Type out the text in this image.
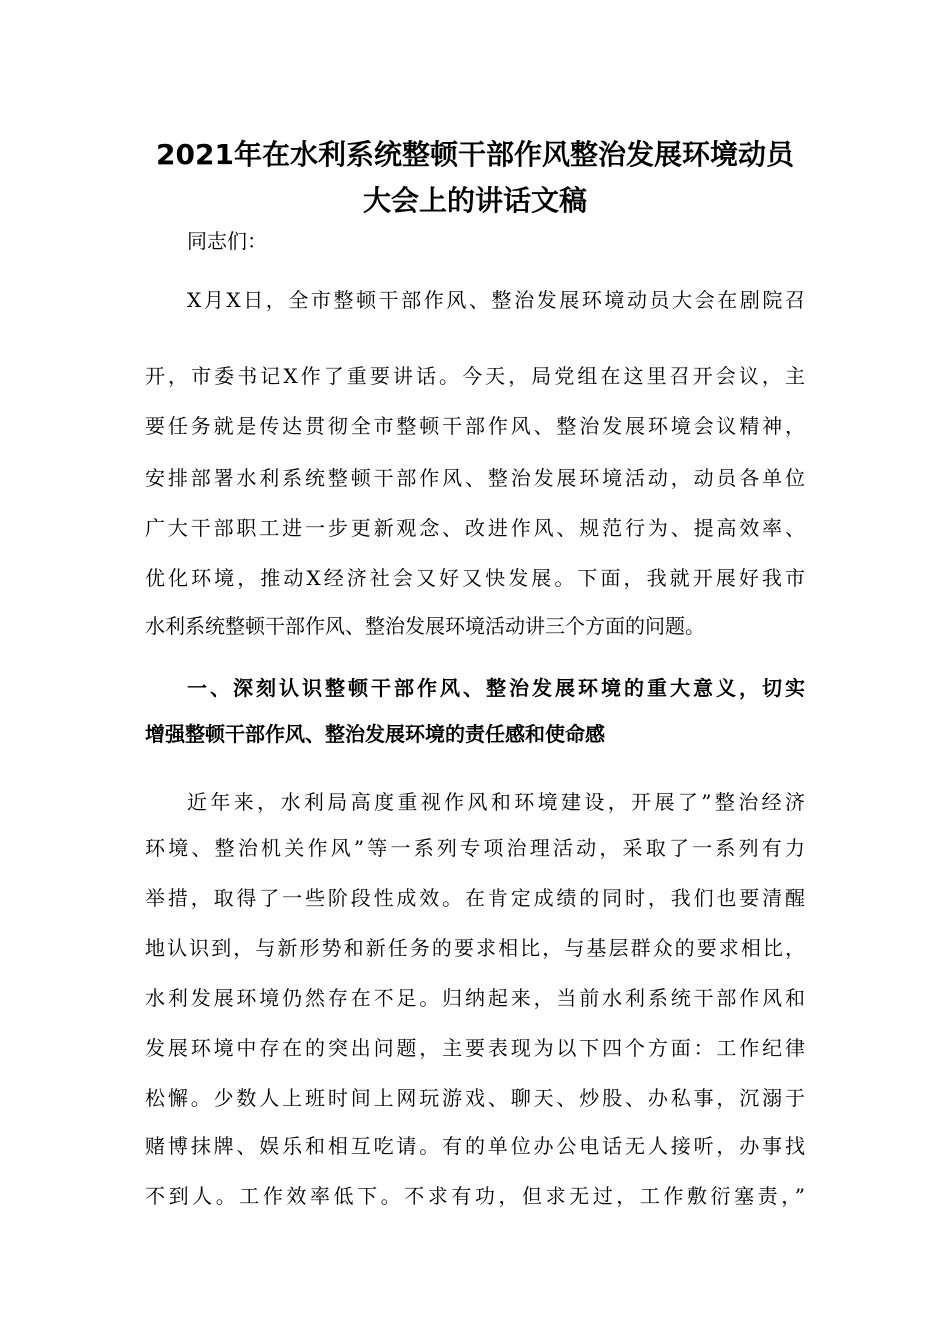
2021年在水利系统整顿干部作风整治发展环境动员
大会上的讲话文稿
同志们：
X月X日，全市整顿干部作风、整治发展环境动员大会在剧院召
开，市委书记X作了重要讲话。今天，局党组在这里召开会议，主
要任务就是传达贯彻全市整顿干部作风、整治发展环境会议精神，
安排部署水利系统整顿干部作风、整治发展环境活动，动员各单位
广大干部职工进一步更新观念、改进作风、规范行为、提高效率、
优化环境，推动X经济社会又好又快发展。下面，我就开展好我市
水利系统整顿干部作风、整治发展环境活动讲三个方面的问题。
一、深刻认识整顿干部作风、整治发展环境的重大意义，切实
增强整顿干部作风、整治发展环境的责任感和使命感
近年来，水利局高度重视作风和环境建设，开展了”整治经济
环境、整治机关作风”等一系列专项治理活动，采取了一系列有力
举措，取得了一些阶段性成效。在肯定成绩的同时，我们也要清醒
地认识到，与新形势和新任务的要求相比，与基层群众的要求相比，
水利发展环境仍然存在不足。归纳起来，当前水利系统干部作风和
发展环境中存在的突出问题，主要表现为以下四个方面：工作纪律
松懈。少数人上班时间上网玩游戏、聊天、炒股、办私事，沉溺于
赌博抹牌、娱乐和相互吃请。有的单位办公电话无人接听，办事找
不到人。工作效率低下。不求有功，但求无过，工作敷衍塞责，”
